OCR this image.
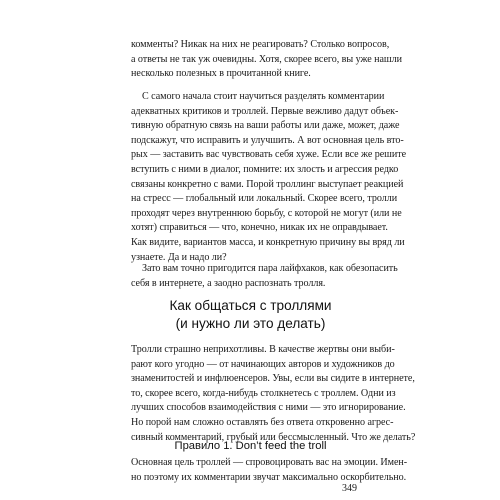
комменты? Никак на них не реагировать? Столько вопросов,
а ответы не так уж очевидны. Хотя, скорее всего, вы уже нашли
несколько полезных в прочитанной книге.
С самого начала стоит научиться разделять комментарии
адекватных критиков и троллей. Первые вежливо дадут объек-
тивную обратную связь на ваши работы или даже, может, даже
подскажут, что исправить и улучшить. А вот основная цель вто-
рых — заставить вас чувствовать себя хуже. Если все же решите
вступить с ними в диалог, помните: их злость и агрессия редко
связаны конкретно с вами. Порой троллинг выступает реакцией
на стресс — глобальный или локальный. Скорее всего, тролли
проходят через внутреннюю борьбу, с которой не могут (или не
хотят) справиться — что, конечно, никак их не оправдывает.
Как видите, вариантов масса, и конкретную причину вы вряд ли
узнаете. Да и надо ли?
Зато вам точно пригодится пара лайфхаков, как обезопасить
себя в интернете, а заодно распознать тролля.
Как общаться с троллями
(и нужно ли это делать)
Тролли страшно неприхотливы. В качестве жертвы они выби-
рают кого угодно — от начинающих авторов и художников до
знаменитостей и инфлюенсеров. Увы, если вы сидите в интернете,
то, скорее всего, когда-нибудь столкнетесь с троллем. Одни из
лучших способов взаимодействия с ними — это игнорирование.
Но порой нам сложно оставлять без ответа откровенно агрес-
сивный комментарий, грубый или бессмысленный. Что же делать?
Правило 1. Don’t feed the troll
Основная цель троллей — спровоцировать вас на эмоции. Имен-
но поэтому их комментарии звучат максимально оскорбительно.
349
